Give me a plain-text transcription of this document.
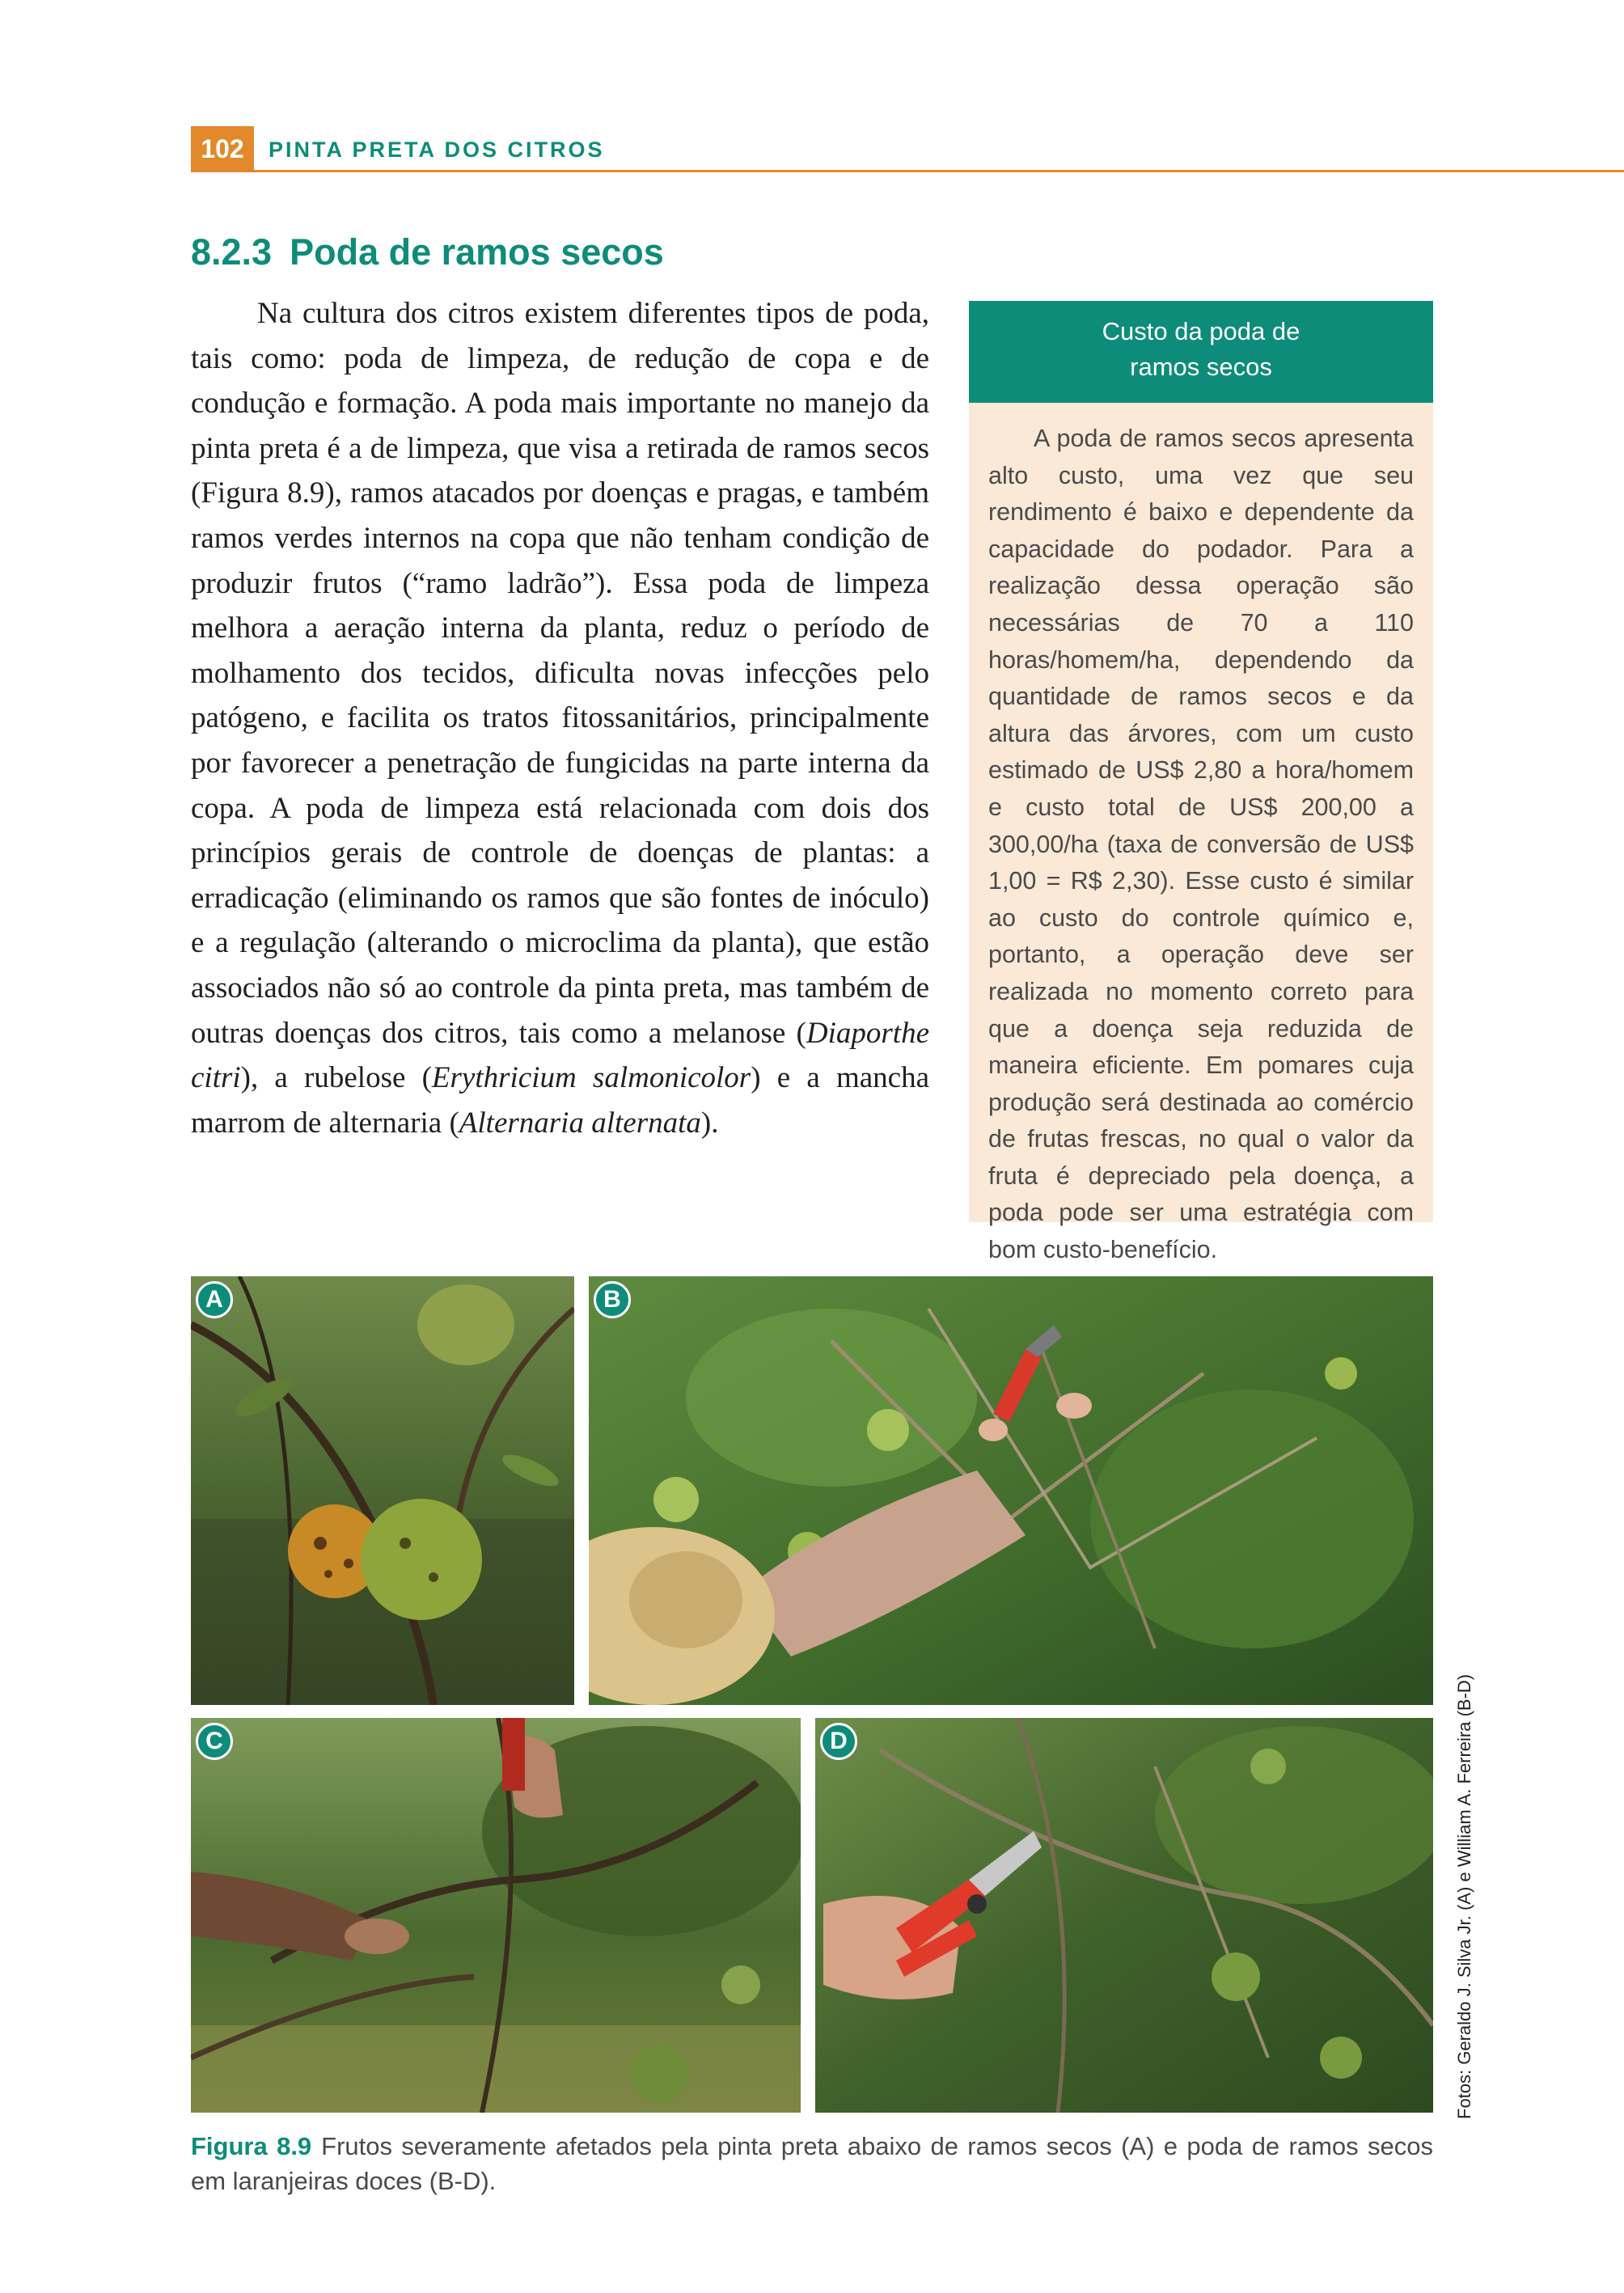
102	PINTA PRETA DOS CITROS
8.2.3 Poda de ramos secos

Na cultura dos citros existem diferentes tipos de poda, tais como: poda de limpeza, de redução de copa e de condução e formação. A poda mais importante no manejo da pinta preta é a de limpeza, que visa a retirada de ramos secos (Figura 8.9), ramos atacados por doenças e pragas, e também ramos verdes internos na copa que não tenham condição de produzir frutos (“ramo ladrão”). Essa poda de limpeza melhora a aeração interna da planta, reduz o período de molhamento dos tecidos, dificulta novas infecções pelo patógeno, e facilita os tratos fitossanitários, principalmente por favorecer a penetração de fungicidas na parte interna da copa. A poda de limpeza está relacionada com dois dos princípios gerais de controle de doenças de plantas: a erradicação (eliminando os ramos que são fontes de inóculo) e a regulação (alterando o microclima da planta), que estão associados não só ao controle da pinta preta, mas também de outras doenças dos citros, tais como a melanose (Diaporthe citri), a rubelose (Erythricium salmonicolor) e a mancha marrom de alternaria (Alternaria alternata).

Custo da poda de
ramos secos

A poda de ramos secos apresenta alto custo, uma vez que seu rendimento é baixo e dependente da capacidade do podador. Para a realização dessa operação são necessárias de 70 a 110 horas/homem/ha, dependendo da quantidade de ramos secos e da altura das árvores, com um custo estimado de US$ 2,80 a hora/homem e custo total de US$ 200,00 a 300,00/ha (taxa de conversão de US$ 1,00 = R$ 2,30). Esse custo é similar ao custo do controle químico e, portanto, a operação deve ser realizada no momento correto para que a doença seja reduzida de maneira eficiente. Em pomares cuja produção será destinada ao comércio de frutas frescas, no qual o valor da fruta é depreciado pela doença, a poda pode ser uma estratégia com bom custo-benefício.

A	B
C	D	Fotos: Geraldo J. Silva Jr. (A) e William A. Ferreira (B-D)

Figura 8.9 Frutos severamente afetados pela pinta preta abaixo de ramos secos (A) e poda de ramos secos em laranjeiras doces (B-D).
